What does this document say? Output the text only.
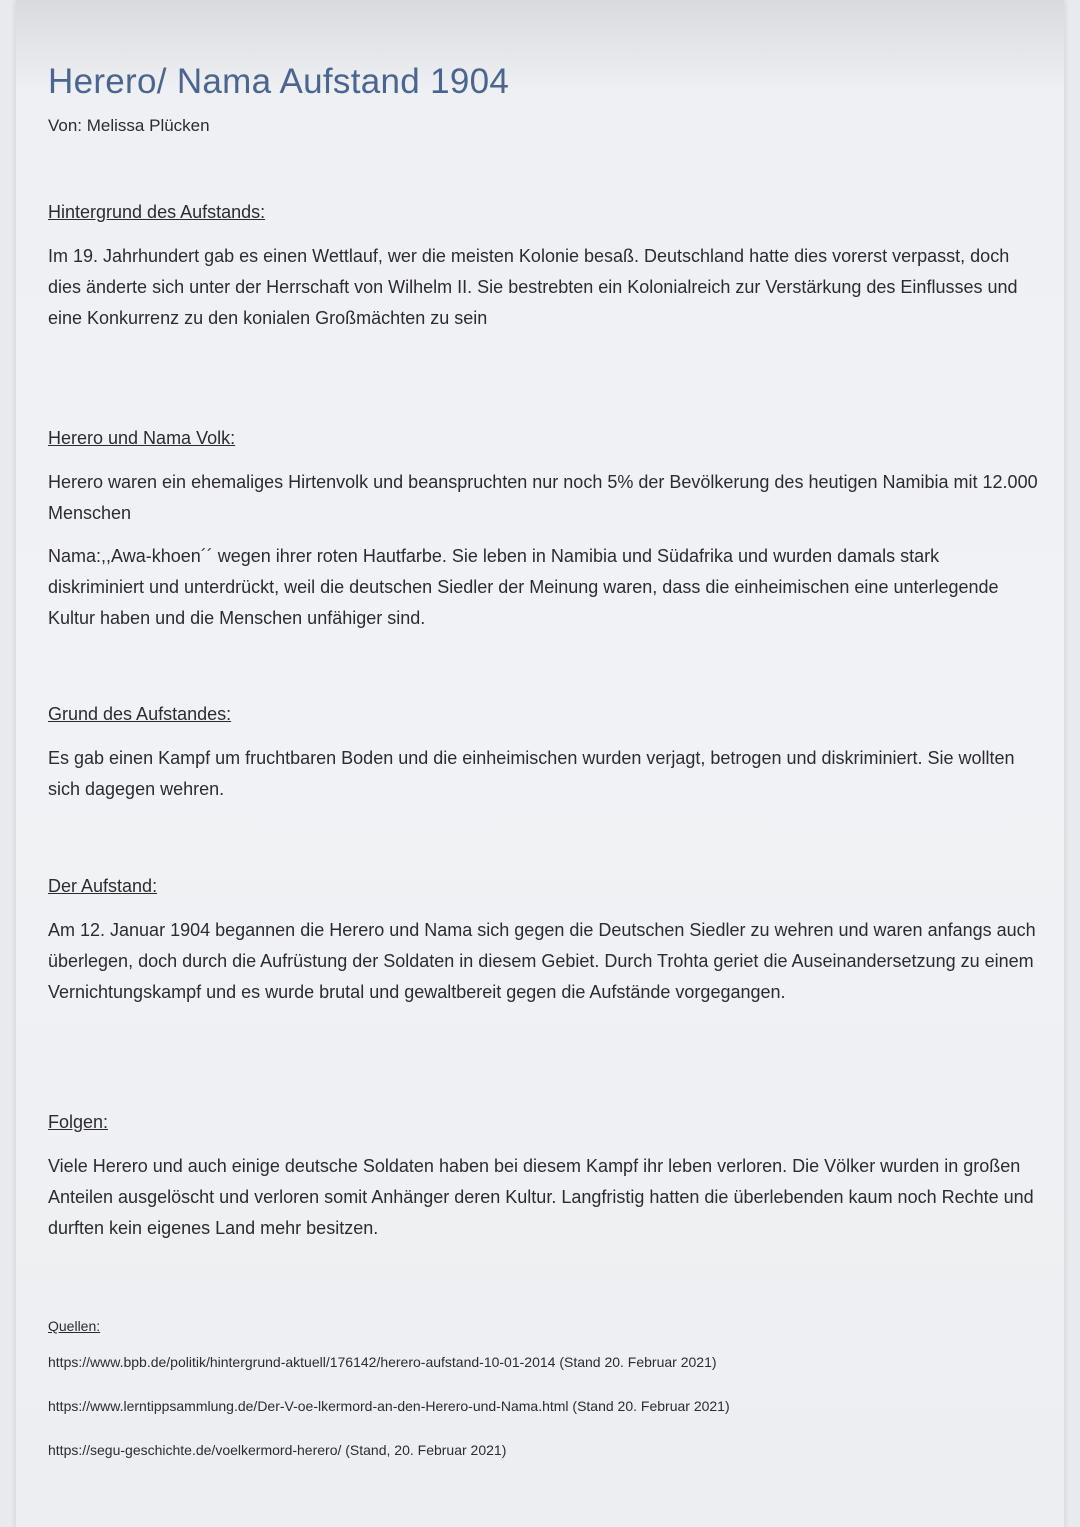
Herero/ Nama Aufstand 1904
Von: Melissa Plücken
Hintergrund des Aufstands:

Im 19. Jahrhundert gab es einen Wettlauf, wer die meisten Kolonie besaß. Deutschland hatte dies vorerst verpasst, doch dies änderte sich unter der Herrschaft von Wilhelm II. Sie bestrebten ein Kolonialreich zur Verstärkung des Einflusses und eine Konkurrenz zu den konialen Großmächten zu sein

Herero und Nama Volk:

Herero waren ein ehemaliges Hirtenvolk und beanspruchten nur noch 5% der Bevölkerung des heutigen Namibia mit 12.000 Menschen

Nama:,,Awa-khoen´´ wegen ihrer roten Hautfarbe. Sie leben in Namibia und Südafrika und wurden damals stark diskriminiert und unterdrückt, weil die deutschen Siedler der Meinung waren, dass die einheimischen eine unterlegende Kultur haben und die Menschen unfähiger sind.

Grund des Aufstandes:

Es gab einen Kampf um fruchtbaren Boden und die einheimischen wurden verjagt, betrogen und diskriminiert. Sie wollten sich dagegen wehren.

Der Aufstand:

Am 12. Januar 1904 begannen die Herero und Nama sich gegen die Deutschen Siedler zu wehren und waren anfangs auch überlegen, doch durch die Aufrüstung der Soldaten in diesem Gebiet. Durch Trohta geriet die Auseinandersetzung zu einem Vernichtungskampf und es wurde brutal und gewaltbereit gegen die Aufstände vorgegangen.

Folgen:

Viele Herero und auch einige deutsche Soldaten haben bei diesem Kampf ihr leben verloren. Die Völker wurden in großen Anteilen ausgelöscht und verloren somit Anhänger deren Kultur. Langfristig hatten die überlebenden kaum noch Rechte und durften kein eigenes Land mehr besitzen.

Quellen:
https://www.bpb.de/politik/hintergrund-aktuell/176142/herero-aufstand-10-01-2014 (Stand 20. Februar 2021)
https://www.lerntippsammlung.de/Der-V-oe-lkermord-an-den-Herero-und-Nama.html (Stand 20. Februar 2021)
https://segu-geschichte.de/voelkermord-herero/ (Stand, 20. Februar 2021)
